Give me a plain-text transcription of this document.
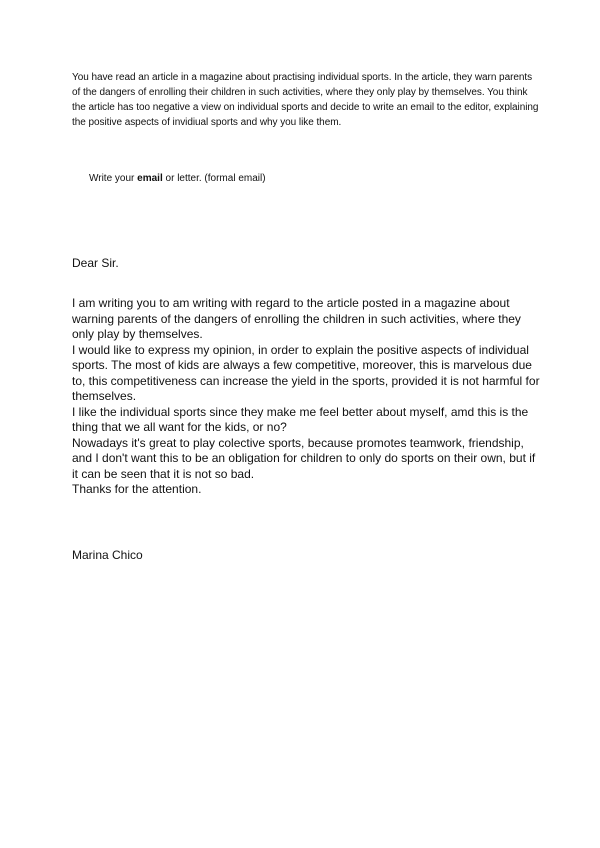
You have read an article in a magazine about practising individual sports. In the article, they warn parents of the dangers of enrolling their children in such activities, where they only play by themselves. You think the article has too negative a view on individual sports and decide to write an email to the editor, explaining the positive aspects of invidiual sports and why you like them.

Write your email or letter. (formal email)

Dear Sir.

I am writing you to am writing with regard to the article posted in a magazine about warning parents of the dangers of enrolling the children in such activities, where they only play by themselves.

I would like to express my opinion, in order to explain the positive aspects of individual sports. The most of kids are always a few competitive, moreover, this is marvelous due to, this competitiveness can increase the yield in the sports, provided it is not harmful for themselves.

I like the individual sports since they make me feel better about myself, amd this is the thing that we all want for the kids, or no?

Nowadays it's great to play colective sports, because promotes teamwork, friendship, and I don't want this to be an obligation for children to only do sports on their own, but if it can be seen that it is not so bad.

Thanks for the attention.

Marina Chico
